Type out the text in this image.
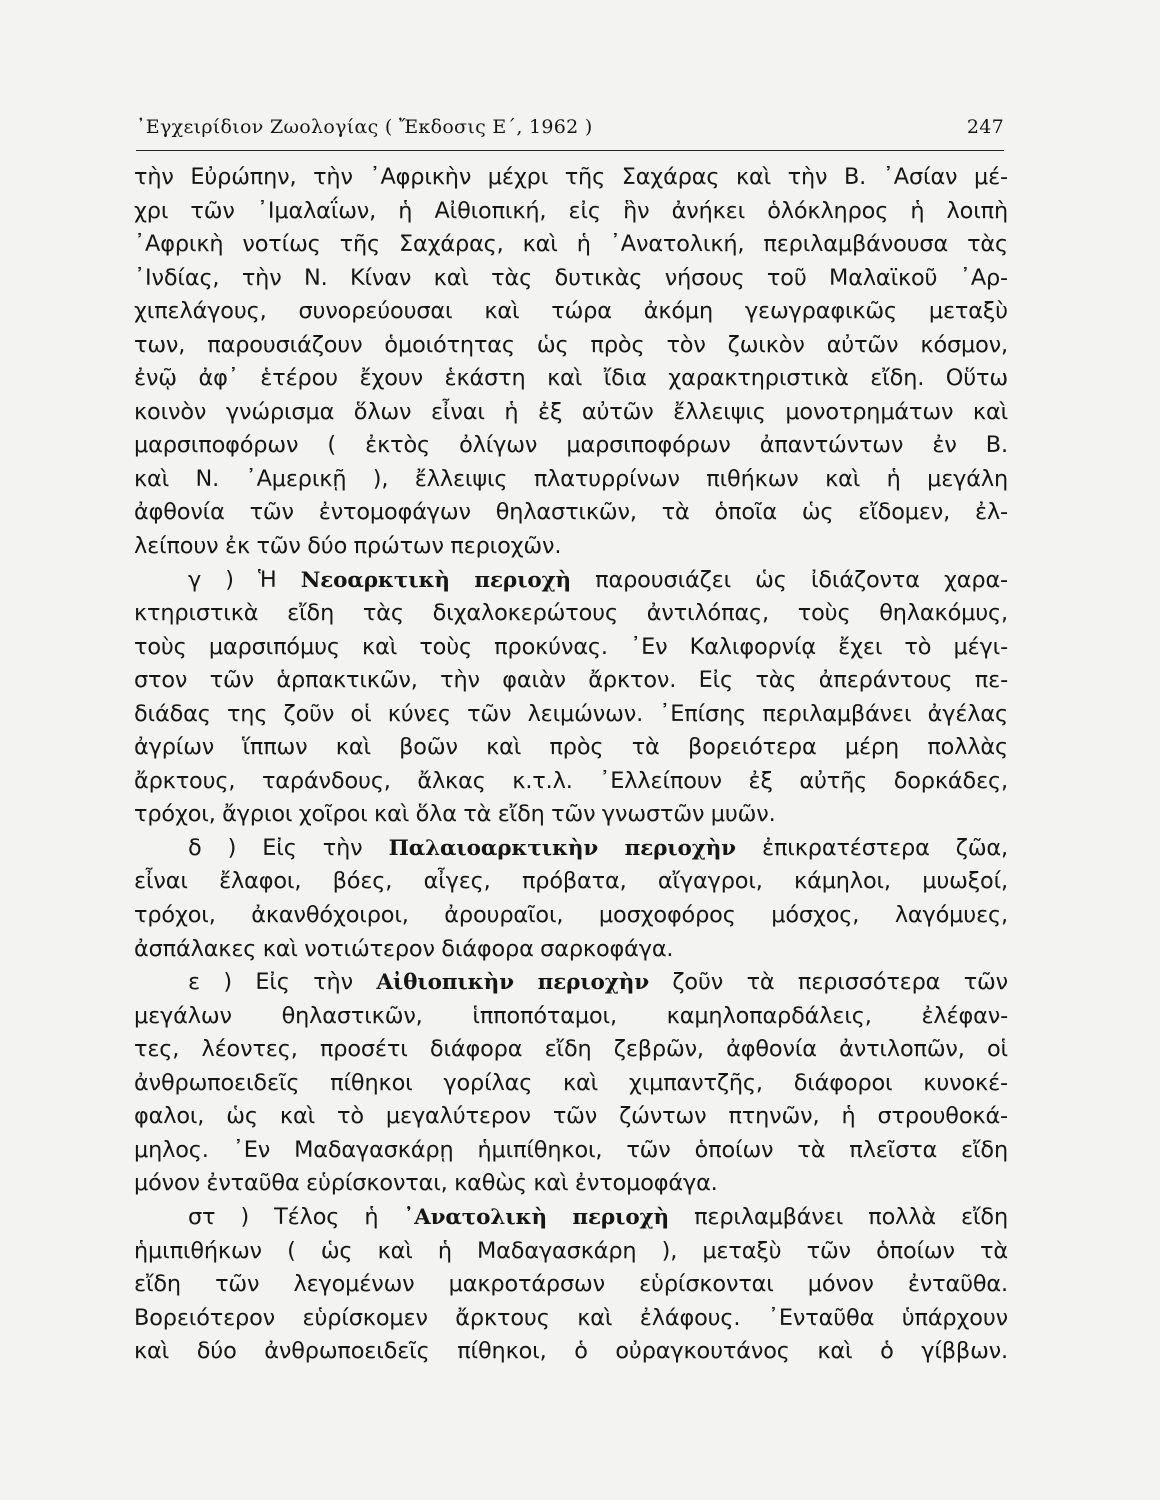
᾿Εγχειρίδιον Ζωολογίας ( Ἔκδοσις Ε΄, 1962 )	247
τὴν Εὐρώπην, τὴν ᾿Αφρικὴν μέχρι τῆς Σαχάρας καὶ τὴν Β. ᾿Ασίαν μέ-
χρι τῶν ᾿Ιμαλαΐων, ἡ Αἰθιοπική, εἰς ἣν ἀνήκει ὁλόκληρος ἡ λοιπὴ
᾿Αφρικὴ νοτίως τῆς Σαχάρας, καὶ ἡ ᾿Ανατολική, περιλαμβάνουσα τὰς
᾿Ινδίας, τὴν Ν. Κίναν καὶ τὰς δυτικὰς νήσους τοῦ Μαλαϊκοῦ ᾿Αρ-
χιπελάγους, συνορεύουσαι καὶ τώρα ἀκόμη γεωγραφικῶς μεταξὺ
των, παρουσιάζουν ὁμοιότητας ὡς πρὸς τὸν ζωικὸν αὐτῶν κόσμον,
ἐνῷ ἀφ᾿ ἑτέρου ἔχουν ἑκάστη καὶ ἴδια χαρακτηριστικὰ εἴδη. Οὕτω
κοινὸν γνώρισμα ὅλων εἶναι ἡ ἐξ αὐτῶν ἔλλειψις μονοτρημάτων καὶ
μαρσιποφόρων ( ἐκτὸς ὀλίγων μαρσιποφόρων ἀπαντώντων ἐν Β.
καὶ Ν. ᾿Αμερικῇ ), ἔλλειψις πλατυρρίνων πιθήκων καὶ ἡ μεγάλη
ἀφθονία τῶν ἐντομοφάγων θηλαστικῶν, τὰ ὁποῖα ὡς εἴδομεν, ἐλ-
λείπουν ἐκ τῶν δύο πρώτων περιοχῶν.
γ ) Ἡ Νεοαρκτικὴ περιοχὴ παρουσιάζει ὡς ἰδιάζοντα χαρα-
κτηριστικὰ εἴδη τὰς διχαλοκερώτους ἀντιλόπας, τοὺς θηλακόμυς,
τοὺς μαρσιπόμυς καὶ τοὺς προκύνας. ᾿Εν Καλιφορνίᾳ ἔχει τὸ μέγι-
στον τῶν ἁρπακτικῶν, τὴν φαιὰν ἄρκτον. Εἰς τὰς ἀπεράντους πε-
διάδας της ζοῦν οἱ κύνες τῶν λειμώνων. ᾿Επίσης περιλαμβάνει ἀγέλας
ἀγρίων ἵππων καὶ βοῶν καὶ πρὸς τὰ βορειότερα μέρη πολλὰς
ἄρκτους, ταράνδους, ἄλκας κ.τ.λ. ᾿Ελλείπουν ἐξ αὐτῆς δορκάδες,
τρόχοι, ἄγριοι χοῖροι καὶ ὅλα τὰ εἴδη τῶν γνωστῶν μυῶν.
δ ) Εἰς τὴν Παλαιοαρκτικὴν περιοχὴν ἐπικρατέστερα ζῶα,
εἶναι ἔλαφοι, βόες, αἶγες, πρόβατα, αἴγαγροι, κάμηλοι, μυωξοί,
τρόχοι, ἀκανθόχοιροι, ἀρουραῖοι, μοσχοφόρος μόσχος, λαγόμυες,
ἀσπάλακες καὶ νοτιώτερον διάφορα σαρκοφάγα.
ε ) Εἰς τὴν Αἰθιοπικὴν περιοχὴν ζοῦν τὰ περισσότερα τῶν
μεγάλων θηλαστικῶν, ἱπποπόταμοι, καμηλοπαρδάλεις, ἐλέφαν-
τες, λέοντες, προσέτι διάφορα εἴδη ζεβρῶν, ἀφθονία ἀντιλοπῶν, οἱ
ἀνθρωποειδεῖς πίθηκοι γορίλας καὶ χιμπαντζῆς, διάφοροι κυνοκέ-
φαλοι, ὡς καὶ τὸ μεγαλύτερον τῶν ζώντων πτηνῶν, ἡ στρουθοκά-
μηλος. ᾿Εν Μαδαγασκάρῃ ἡμιπίθηκοι, τῶν ὁποίων τὰ πλεῖστα εἴδη
μόνον ἐνταῦθα εὑρίσκονται, καθὼς καὶ ἐντομοφάγα.
στ ) Τέλος ἡ ᾿Ανατολικὴ περιοχὴ περιλαμβάνει πολλὰ εἴδη
ἡμιπιθήκων ( ὡς καὶ ἡ Μαδαγασκάρη ), μεταξὺ τῶν ὁποίων τὰ
εἴδη τῶν λεγομένων μακροτάρσων εὑρίσκονται μόνον ἐνταῦθα.
Βορειότερον εὑρίσκομεν ἄρκτους καὶ ἐλάφους. ᾿Ενταῦθα ὑπάρχουν
καὶ δύο ἀνθρωποειδεῖς πίθηκοι, ὁ οὐραγκουτάνος καὶ ὁ γίββων.
